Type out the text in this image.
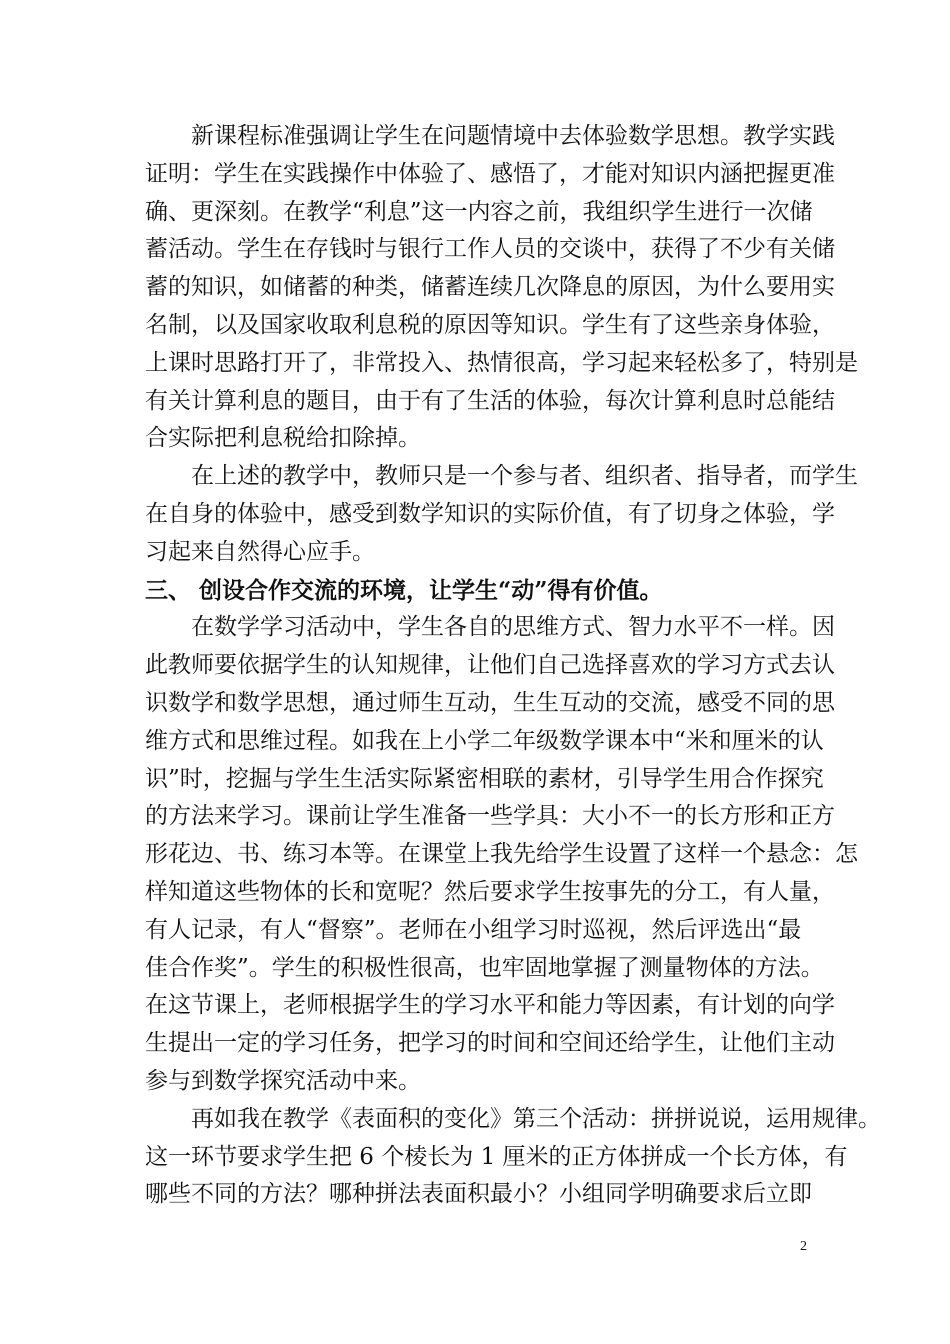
新课程标准强调让学生在问题情境中去体验数学思想。教学实践
证明：学生在实践操作中体验了、感悟了，才能对知识内涵把握更准
确、更深刻。在教学“利息”这一内容之前，我组织学生进行一次储
蓄活动。学生在存钱时与银行工作人员的交谈中，获得了不少有关储
蓄的知识，如储蓄的种类，储蓄连续几次降息的原因，为什么要用实
名制，以及国家收取利息税的原因等知识。学生有了这些亲身体验，
上课时思路打开了，非常投入、热情很高，学习起来轻松多了，特别是
有关计算利息的题目，由于有了生活的体验，每次计算利息时总能结
合实际把利息税给扣除掉。
在上述的教学中，教师只是一个参与者、组织者、指导者，而学生
在自身的体验中，感受到数学知识的实际价值，有了切身之体验，学
习起来自然得心应手。
三、 创设合作交流的环境，让学生“动”得有价值。
在数学学习活动中，学生各自的思维方式、智力水平不一样。因
此教师要依据学生的认知规律，让他们自己选择喜欢的学习方式去认
识数学和数学思想，通过师生互动，生生互动的交流，感受不同的思
维方式和思维过程。如我在上小学二年级数学课本中“米和厘米的认
识”时，挖掘与学生生活实际紧密相联的素材，引导学生用合作探究
的方法来学习。课前让学生准备一些学具：大小不一的长方形和正方
形花边、书、练习本等。在课堂上我先给学生设置了这样一个悬念：怎
样知道这些物体的长和宽呢？然后要求学生按事先的分工，有人量，
有人记录，有人“督察”。老师在小组学习时巡视，然后评选出“最
佳合作奖”。学生的积极性很高，也牢固地掌握了测量物体的方法。
在这节课上，老师根据学生的学习水平和能力等因素，有计划的向学
生提出一定的学习任务，把学习的时间和空间还给学生，让他们主动
参与到数学探究活动中来。
再如我在教学《表面积的变化》第三个活动：拼拼说说，运用规律。
这一环节要求学生把 6 个棱长为 1 厘米的正方体拼成一个长方体，有
哪些不同的方法？哪种拼法表面积最小？小组同学明确要求后立即
2
